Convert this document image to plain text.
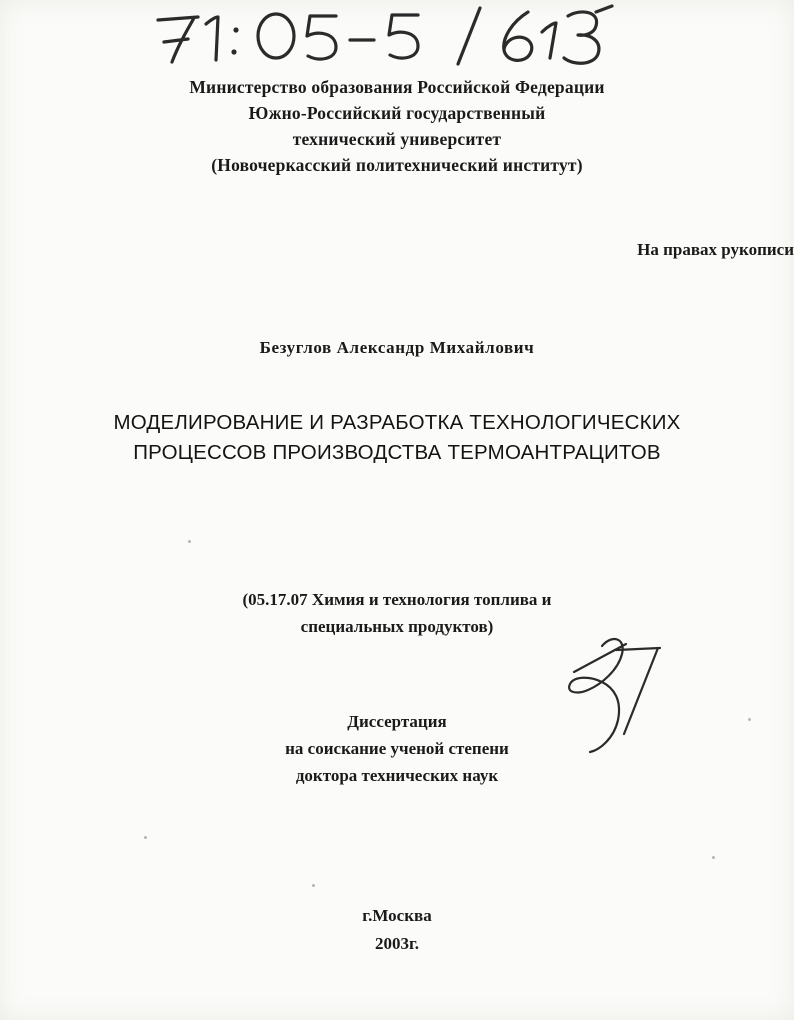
Министерство образования Российской Федерации
Южно-Российский государственный
технический университет
(Новочеркасский политехнический институт)
На правах рукописи
Безуглов Александр Михайлович
МОДЕЛИРОВАНИЕ И РАЗРАБОТКА ТЕХНОЛОГИЧЕСКИХ
ПРОЦЕССОВ ПРОИЗВОДСТВА ТЕРМОАНТРАЦИТОВ
(05.17.07 Химия и технология топлива и
специальных продуктов)
Диссертация
на соискание ученой степени
доктора технических наук
г.Москва
2003г.
